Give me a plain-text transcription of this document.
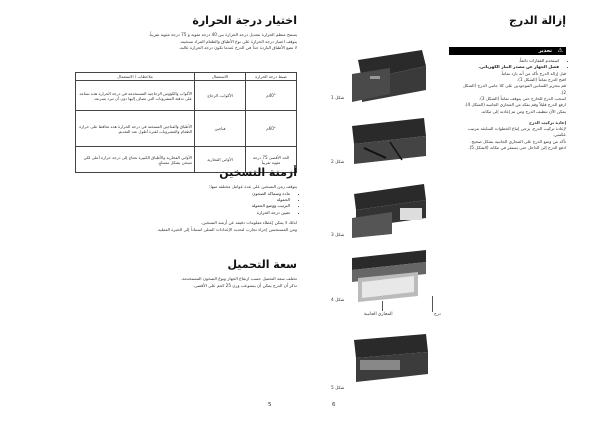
إزالة الدرج
⚠
تحذير
• استخدم القفازات دائماً.
• فصل الجهاز عن مصدر التيار الكهربائي.
قبل إزالة الدرج تأكد من أنه بارد تماماً.
افتح الدرج تماماً (الشكل 1).
قم بتحرير اللسانين الموجودين على كلا جانبي الدرج (الشكل 2).
اسحب الدرج للخارج حتى يتوقف تماماً (الشكل 3).
ارفع الدرج قليلاً وقم بفكه من المجاري الجانبية (الشكل 4).
يمكن الآن تنظيف الدرج ومن ثم إعادته إلى مكانه.
إعادة تركيب الدرج
لإعادة تركيب الدرج، يرجى إتباع الخطوات السابقة بترتيب عكسي.
تأكد من وضع الدرج على المجاري الجانبية بشكل صحيح.
ادفع الدرج إلى الداخل حتى يستقر في مكانه (الشكل 5).
شكل 1
شكل 2
شكل 3
شكل 4
المجاري الجانبية	درج
شكل 5
6
اختيار درجة الحرارة
يسمح منظم الحرارة بتعديل درجة الحرارة بين 40 درجة مئوية و 75 درجة مئوية تقريباً.
يتوقف اختيار درجة الحرارة على نوع الأطباق والطعام المراد تسخينه.
لا تضع الأطباق الباردة جداً في الدرج عندما تكون درجة الحرارة عالية.
ضبط درجة الحرارة	الاستعمال	ملاحظات / الاستعمال
40°م	الأكواب، الزجاج	الأكواب والكؤوس الزجاجية المستخدمة في درجة الحرارة هذه تساعد على تدفئة المشروبات التي تضاف إليها دون أن تبرد بسرعة.
60°م	فناجين	الأطباق والفناجين المسخنة في درجة الحرارة هذه تحافظ على حرارة الطعام والمشروبات لفترة أطول عند التقديم.
الحد الأقصى 75 درجة مئوية تقريباً	الأواني الفخارية	الأواني الفخارية والأطباق الكبيرة تحتاج إلى درجة حرارة أعلى لكي تسخن بشكل متساوٍ.
أزمنة التسخين
يتوقف زمن التسخين على عدة عوامل مختلفة منها:
• مادة وسماكة الصحون
• الحمولة
• الترتيب ووضع الحمولة
• تعيين درجة الحرارة
لذلك لا يمكن إعطاء معلومات دقيقة عن أزمنة التسخين.
ومن المستحسن إجراء تجارب لتحديد الإعدادات المثلى استناداً إلى الخبرة العملية.
سعة التحميل
تختلف سعة التحميل حسب ارتفاع الجهاز ونوع الصحون المستخدمة.
تذكر أن الدرج يمكن أن يستوعب وزن 25 كجم على الأقصى.
5
